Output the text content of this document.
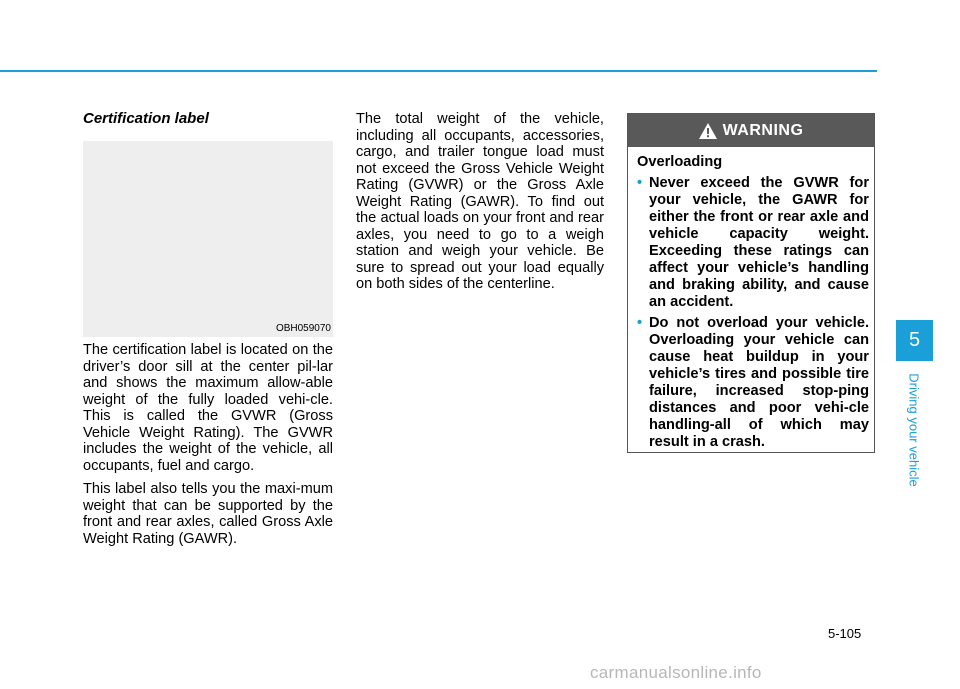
Certification label
OBH059070

The certification label is located on the driver’s door sill at the center pil-lar and shows the maximum allow-able weight of the fully loaded vehi-cle. This is called the GVWR (Gross Vehicle Weight Rating). The GVWR includes the weight of the vehicle, all occupants, fuel and cargo.

This label also tells you the maxi-mum weight that can be supported by the front and rear axles, called Gross Axle Weight Rating (GAWR).

The total weight of the vehicle, including all occupants, accessories, cargo, and trailer tongue load must not exceed the Gross Vehicle Weight Rating (GVWR) or the Gross Axle Weight Rating (GAWR). To find out the actual loads on your front and rear axles, you need to go to a weigh station and weigh your vehicle. Be sure to spread out your load equally on both sides of the centerline.

WARNING
Overloading
• Never exceed the GVWR for your vehicle, the GAWR for either the front or rear axle and vehicle capacity weight. Exceeding these ratings can affect your vehicle’s handling and braking ability, and cause an accident.
• Do not overload your vehicle. Overloading your vehicle can cause heat buildup in your vehicle’s tires and possible tire failure, increased stop-ping distances and poor vehi-cle handling-all of which may result in a crash.
5
Driving your vehicle
5-105
carmanualsonline.info
